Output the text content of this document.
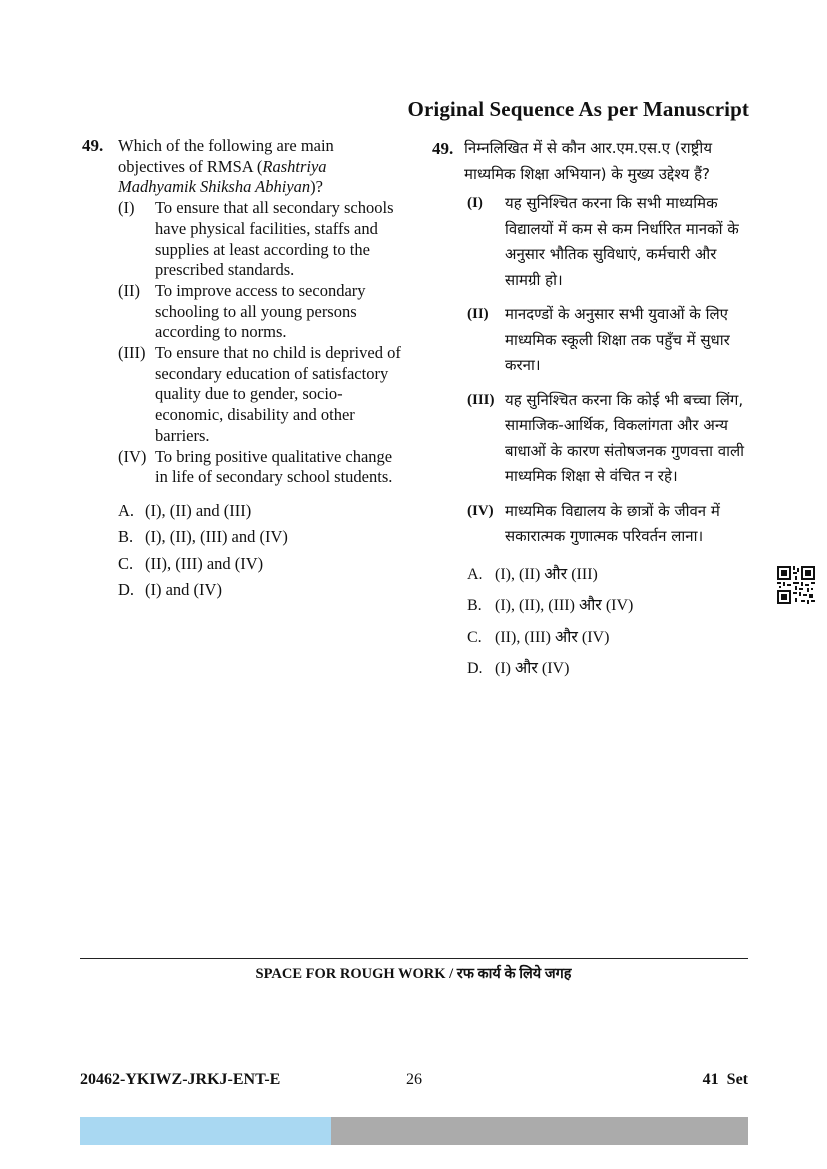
Original Sequence As per Manuscript
49. Which of the following are main objectives of RMSA (Rashtriya Madhyamik Shiksha Abhiyan)?
(I)	To ensure that all secondary schools have physical facilities, staffs and supplies at least according to the prescribed standards.
(II) To improve access to secondary schooling to all young persons according to norms.
(III) To ensure that no child is deprived of secondary education of satisfactory quality due to gender, socio-economic, disability and other barriers.
(IV) To bring positive qualitative change in life of secondary school students.
A. (I), (II) and (III)
B. (I), (II), (III) and (IV)
C. (II), (III) and (IV)
D. (I) and (IV)
49. निम्नलिखित में से कौन आर.एम.एस.ए (राष्ट्रीय माध्यमिक शिक्षा अभियान) के मुख्य उद्देश्य हैं?
(I)	यह सुनिश्चित करना कि सभी माध्यमिक विद्यालयों में कम से कम निर्धारित मानकों के अनुसार भौतिक सुविधाएं, कर्मचारी और सामग्री हो।
(II)	मानदण्डों के अनुसार सभी युवाओं के लिए माध्यमिक स्कूली शिक्षा तक पहुँच में सुधार करना।
(III) यह सुनिश्चित करना कि कोई भी बच्चा लिंग, सामाजिक-आर्थिक, विकलांगता और अन्य बाधाओं के कारण संतोषजनक गुणवत्ता वाली माध्यमिक शिक्षा से वंचित न रहे।
(IV) माध्यमिक विद्यालय के छात्रों के जीवन में सकारात्मक गुणात्मक परिवर्तन लाना।
A. (I), (II) और (III)
B. (I), (II), (III) और (IV)
C. (II), (III) और (IV)
D. (I) और (IV)
SPACE FOR ROUGH WORK / रफ कार्य के लिये जगह
20462-YKIWZ-JRKJ-ENT-E	26	41  Set
